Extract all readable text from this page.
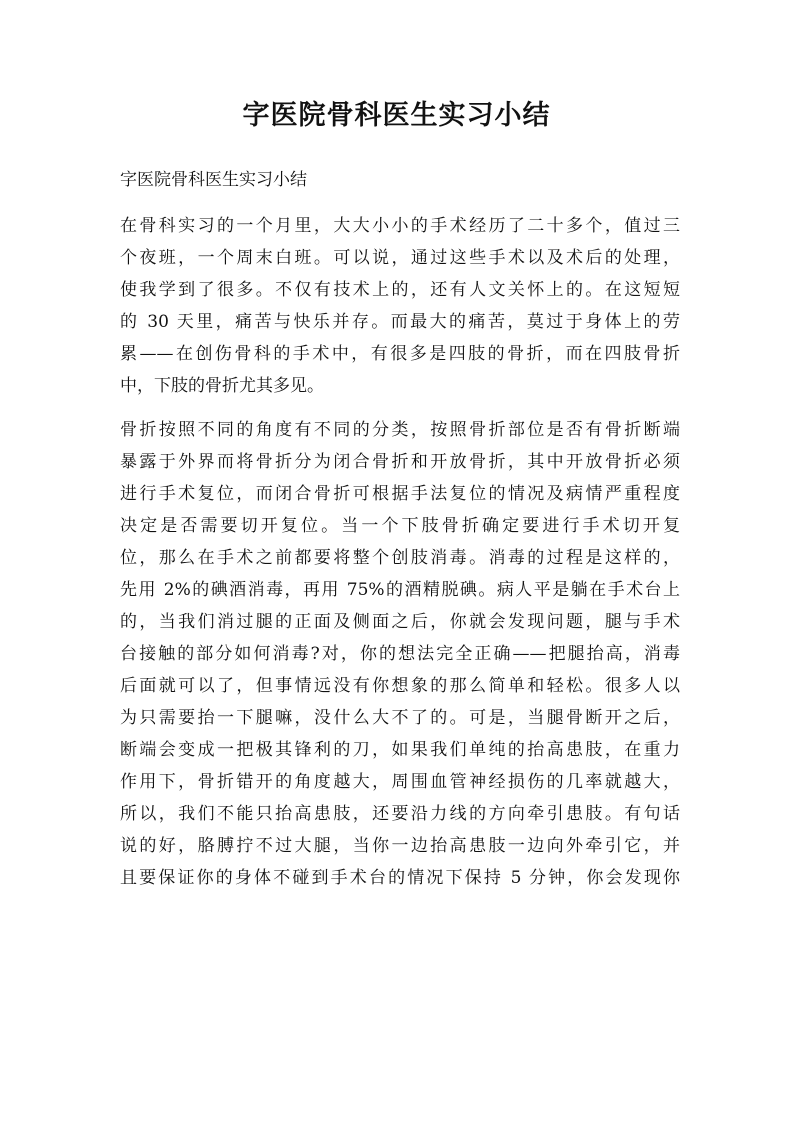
字医院骨科医生实习小结

字医院骨科医生实习小结

在骨科实习的一个月里，大大小小的手术经历了二十多个，值过三
个夜班，一个周末白班。可以说，通过这些手术以及术后的处理，
使我学到了很多。不仅有技术上的，还有人文关怀上的。在这短短
的 30 天里，痛苦与快乐并存。而最大的痛苦，莫过于身体上的劳
累——在创伤骨科的手术中，有很多是四肢的骨折，而在四肢骨折
中，下肢的骨折尤其多见。
骨折按照不同的角度有不同的分类，按照骨折部位是否有骨折断端
暴露于外界而将骨折分为闭合骨折和开放骨折，其中开放骨折必须
进行手术复位，而闭合骨折可根据手法复位的情况及病情严重程度
决定是否需要切开复位。当一个下肢骨折确定要进行手术切开复
位，那么在手术之前都要将整个创肢消毒。消毒的过程是这样的，
先用 2%的碘酒消毒，再用 75%的酒精脱碘。病人平是躺在手术台上
的，当我们消过腿的正面及侧面之后，你就会发现问题，腿与手术
台接触的部分如何消毒?对，你的想法完全正确——把腿抬高，消毒
后面就可以了，但事情远没有你想象的那么简单和轻松。很多人以
为只需要抬一下腿嘛，没什么大不了的。可是，当腿骨断开之后，
断端会变成一把极其锋利的刀，如果我们单纯的抬高患肢，在重力
作用下，骨折错开的角度越大，周围血管神经损伤的几率就越大，
所以，我们不能只抬高患肢，还要沿力线的方向牵引患肢。有句话
说的好，胳膊拧不过大腿，当你一边抬高患肢一边向外牵引它，并
且要保证你的身体不碰到手术台的情况下保持 5 分钟，你会发现你
